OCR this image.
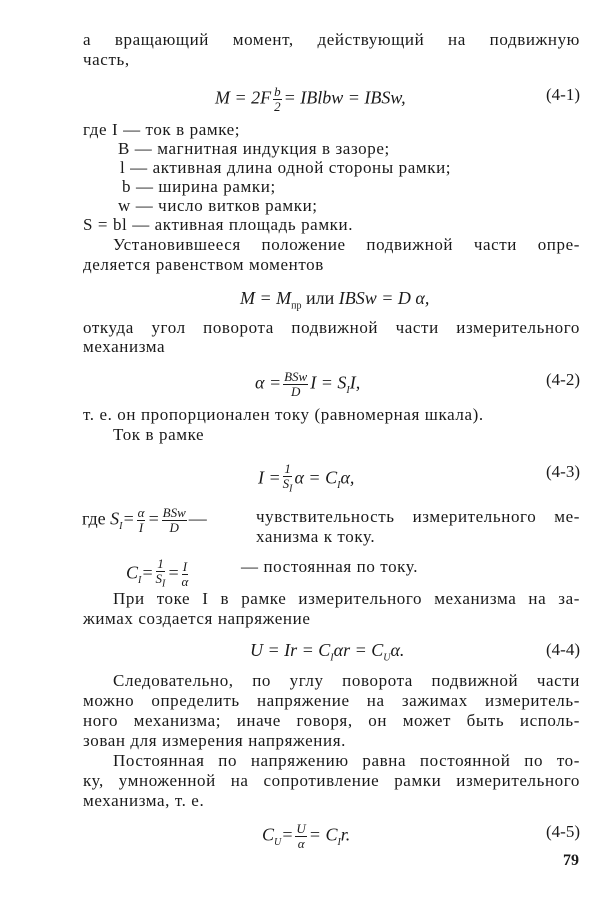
а вращающий момент, действующий на подвижную
часть,
$M = 2F \frac{b}{2}$ = IBlbw = IBSw,	(4-1)
где I — ток в рамке;
B — магнитная индукция в зазоре;
l — активная длина одной стороны рамки;
b — ширина рамки;
w — число витков рамки;
S = bl — активная площадь рамки.
Установившееся положение подвижной части опре-
деляется равенством моментов
$M = M_{пр}$ или IBSw = D α,
откуда угол поворота подвижной части измерительного
механизма
α = BSw
D $I = S_II$,	(4-2)
т. е. он пропорционален току (равномерная шкала).
Ток в рамке
$I = \frac{1}{S_I}$ $\alpha = C_I\alpha$,	(4-3)
где $S_I= \frac{\alpha}{I}$ = BSw
D —	чувствительность измерительного ме-
ханизма к току.
$C_I= \frac{1}{S_I} = \frac{I}{\alpha}$	— постоянная по току.
При токе I в рамке измерительного механизма на за-
жимах создается напряжение
$U = Ir = C_I\alpha r = C_U\alpha$.	(4-4)
Следовательно, по углу поворота подвижной части
можно определить напряжение на зажимах измеритель-
ного механизма; иначе говоря, он может быть исполь-
зован для измерения напряжения.
Постоянная по напряжению равна постоянной по то-
ку, умноженной на сопротивление рамки измерительного
механизма, т. е.
$C_U= \frac{U}{\alpha} = C_Ir$.	(4-5)
79
